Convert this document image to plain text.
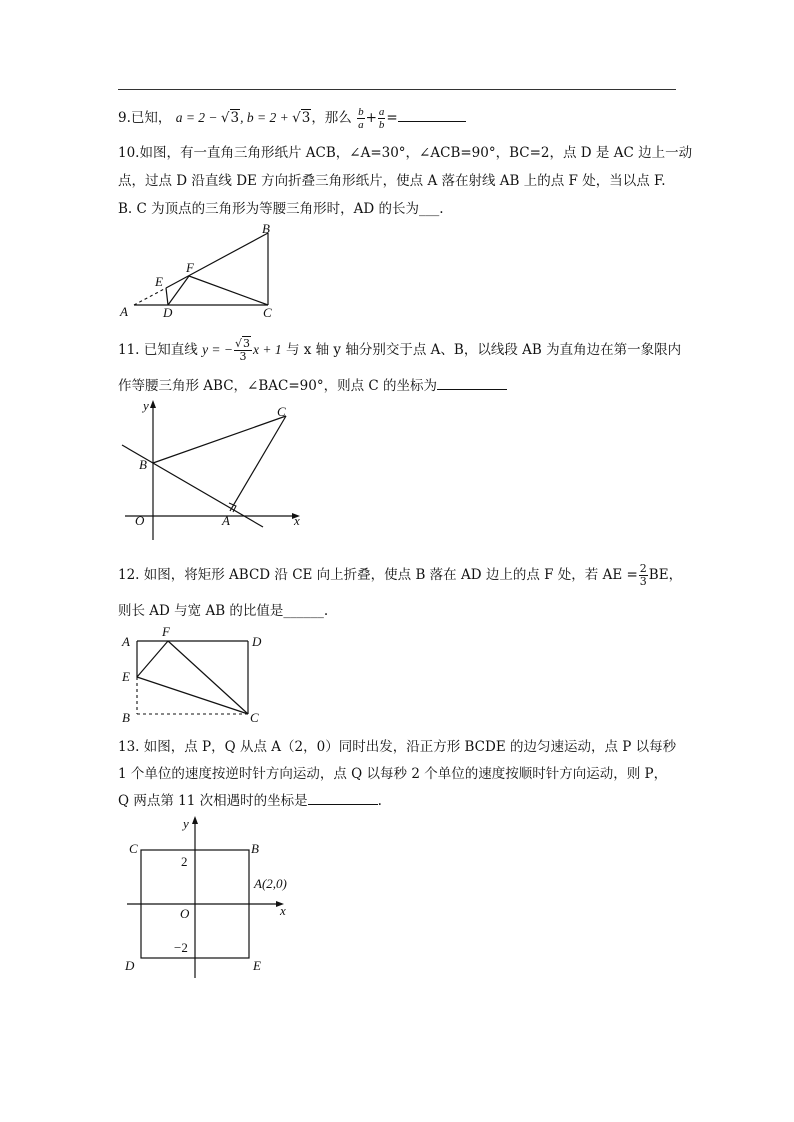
9.已知， a = 2 − √3, b = 2 + √3，那么 $\frac{b}{a} + \frac{a}{b}$ =
10.如图，有一直角三角形纸片 ACB，∠A=30°，∠ACB=90°，BC=2，点 D 是 AC 边上一动
点，过点 D 沿直线 DE 方向折叠三角形纸片，使点 A 落在射线 AB 上的点 F 处，当以点 F.
B. C 为顶点的三角形为等腰三角形时，AD 的长为___.
A
B
C
D
E
F
y
x
O	A
B
C
A
B	C
D
E
F
y
x
O
C	B
D	E
A(2,0)
2
−2
11. 已知直线 y = − $\frac{√3}{3}$ x + 1 与 x 轴 y 轴分别交于点 A、B，以线段 AB 为直角边在第一象限内
作等腰三角形 ABC，∠BAC=90°，则点 C 的坐标为
12. 如图，将矩形 ABCD 沿 CE 向上折叠，使点 B 落在 AD 边上的点 F 处，若 AE = $\frac{2}{3}$ BE，
则长 AD 与宽 AB 的比值是______.
13. 如图，点 P，Q 从点 A（2，0）同时出发，沿正方形 BCDE 的边匀速运动，点 P 以每秒
1 个单位的速度按逆时针方向运动，点 Q 以每秒 2 个单位的速度按顺时针方向运动，则 P，
Q 两点第 11 次相遇时的坐标是	.
